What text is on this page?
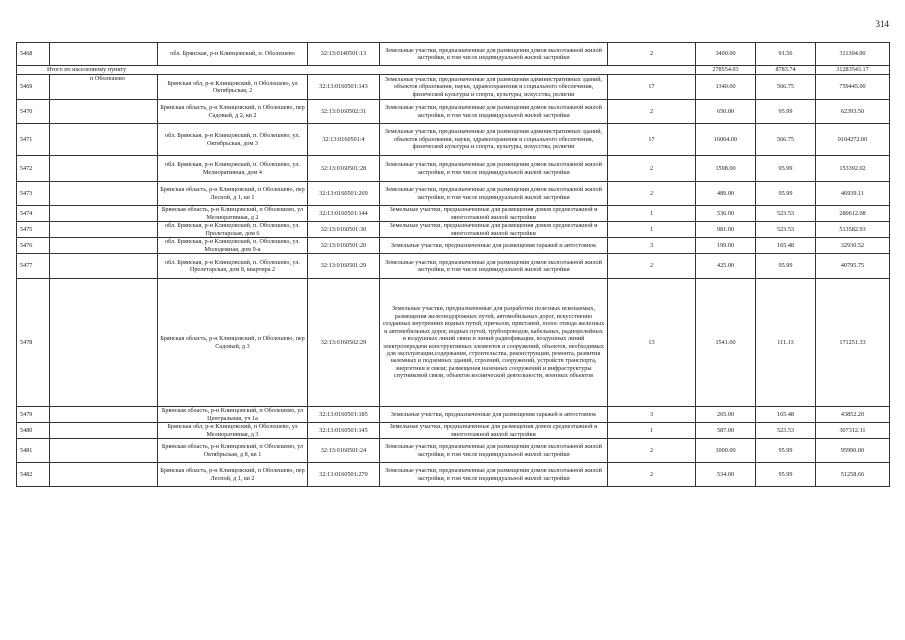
314
5468		обл. Брянская, р-н Клинцовский, п. Оболешево	32:13:0140501:13	Земельные участки, предназначенные для размещения домов малоэтажной жилой застройки, в том числе индивидуальной жилой застройки	2	3400.00	91.56	311304.00
Итого по населенному пункту						278554.03	8783.74	31283543.17
5469	п Оболешево	Брянская обл, р-н Клинцовский, п Оболешево, ул Октябрьская, 2	32:13:0160501:143	Земельные участки, предназначенные для размещения административных зданий, объектов образования, науки, здравоохранения и социального обеспечения, физической культуры и спорта, культуры, искусства, религии	17	1340.00	566.75	759445.00
5470		Брянская область, р-н Клинцовский, п Оболешево, пер Садовый, д 2, кв 2	32:13:0160502:31	Земельные участки, предназначенные для размещения домов малоэтажной жилой застройки, в том числе индивидуальной жилой застройки	2	650.00	95.99	62393.50
5471		обл. Брянская, р-н Клинцовский, п. Оболешево, ул. Октябрьская, дом 3	32:13:0160501:4	Земельные участки, предназначенные для размещения административных зданий, объектов образования, науки, здравоохранения и социального обеспечения, физической культуры и спорта, культуры, искусства, религии	17	16064.00	566.75	9104272.00
5472		обл. Брянская, р-н Клинцовский, п. Оболешево, ул. Мелиоративная, дом 4	32:13:0160501:28	Земельные участки, предназначенные для размещения домов малоэтажной жилой застройки, в том числе индивидуальной жилой застройки	2	1598.00	95.99	153392.02
5473		Брянская область, р-н Клинцовский, п Оболешево, пер Лесной, д 1, кв 1	32:13:0160501:269	Земельные участки, предназначенные для размещения домов малоэтажной жилой застройки, в том числе индивидуальной жилой застройки	2	489.00	95.99	46939.11
5474		Брянская область, р-н Клинцовский, п Оболешево, ул Мелиоративная, д 2	32:13:0160501:144	Земельные участки, предназначенные для размещения домов среднеэтажной и многоэтажной жилой застройки	1	536.00	523.53	280612.08
5475		обл. Брянская, р-н Клинцовский, п. Оболешево, ул. Пролетарская, дом 6	32:13:0160501:30	Земельные участки, предназначенные для размещения домов среднеэтажной и многоэтажной жилой застройки	1	981.00	523.53	513582.93
5476		обл. Брянская, р-н Клинцовский, п. Оболешево, ул. Молодежная, дом 9-а	32:13:0160501:20	Земельные участки, предназначенные для размещения гаражей и автостоянок	3	199.00	165.48	32930.52
5477		обл. Брянская, р-н Клинцовский, п. Оболешево, ул. Пролетарская, дом 8, квартира 2	32:13:0160501:29	Земельные участки, предназначенные для размещения домов малоэтажной жилой застройки, в том числе индивидуальной жилой застройки	2	425.00	95.99	40795.75
5478		Брянская область, р-н Клинцовский, п Оболешево, пер Садовый, д 3	32:13:0160502:29	Земельные участки, предназначенные для разработки полезных ископаемых, размещения железнодорожных путей, автомобильных дорог, искусственно созданных внутренних водных путей, причалов, пристаней, полос отвода железных и автомобильных дорог, водных путей, трубопроводов, кабельных, радиорелейных и воздушных линий связи и линий радиофикации, воздушных линий электропередачи конструктивных элементов и сооружений, объектов, необходимых для эксплуатации,содержания, строительства, реконструкции, ремонта, развития наземных и подземных зданий, строений, сооружений, устройств транспорта, энергетики и связи; размещения наземных сооружений и инфраструктуры спутниковой связи, объектов космической деятельности, военных объектов	13	1541.00	111.13	171251.33
5479		Брянская область, р-н Клинцовский, п Оболешево, ул Центральная, уч 1а	32:13:0160501:185	Земельные участки, предназначенные для размещения гаражей и автостоянок	3	265.00	165.48	43852.20
5480		Брянская обл, р-н Клинцовский, п Оболешево, ул Мелиоративная, д 3	32:13:0160501:145	Земельные участки, предназначенные для размещения домов среднеэтажной и многоэтажной жилой застройки	1	587.00	523.53	307312.11
5481		Брянская область, р-н Клинцовский, п Оболешево, ул Октябрьская, д 8, кв 1	32:13:0160501:24	Земельные участки, предназначенные для размещения домов малоэтажной жилой застройки, в том числе индивидуальной жилой застройки	2	1000.00	95.99	95990.00
5482		Брянская область, р-н Клинцовский, п Оболешево, пер Лесной, д 1, кв 2	32:13:0160501:270	Земельные участки, предназначенные для размещения домов малоэтажной жилой застройки, в том числе индивидуальной жилой застройки	2	534.00	95.99	51258.66
